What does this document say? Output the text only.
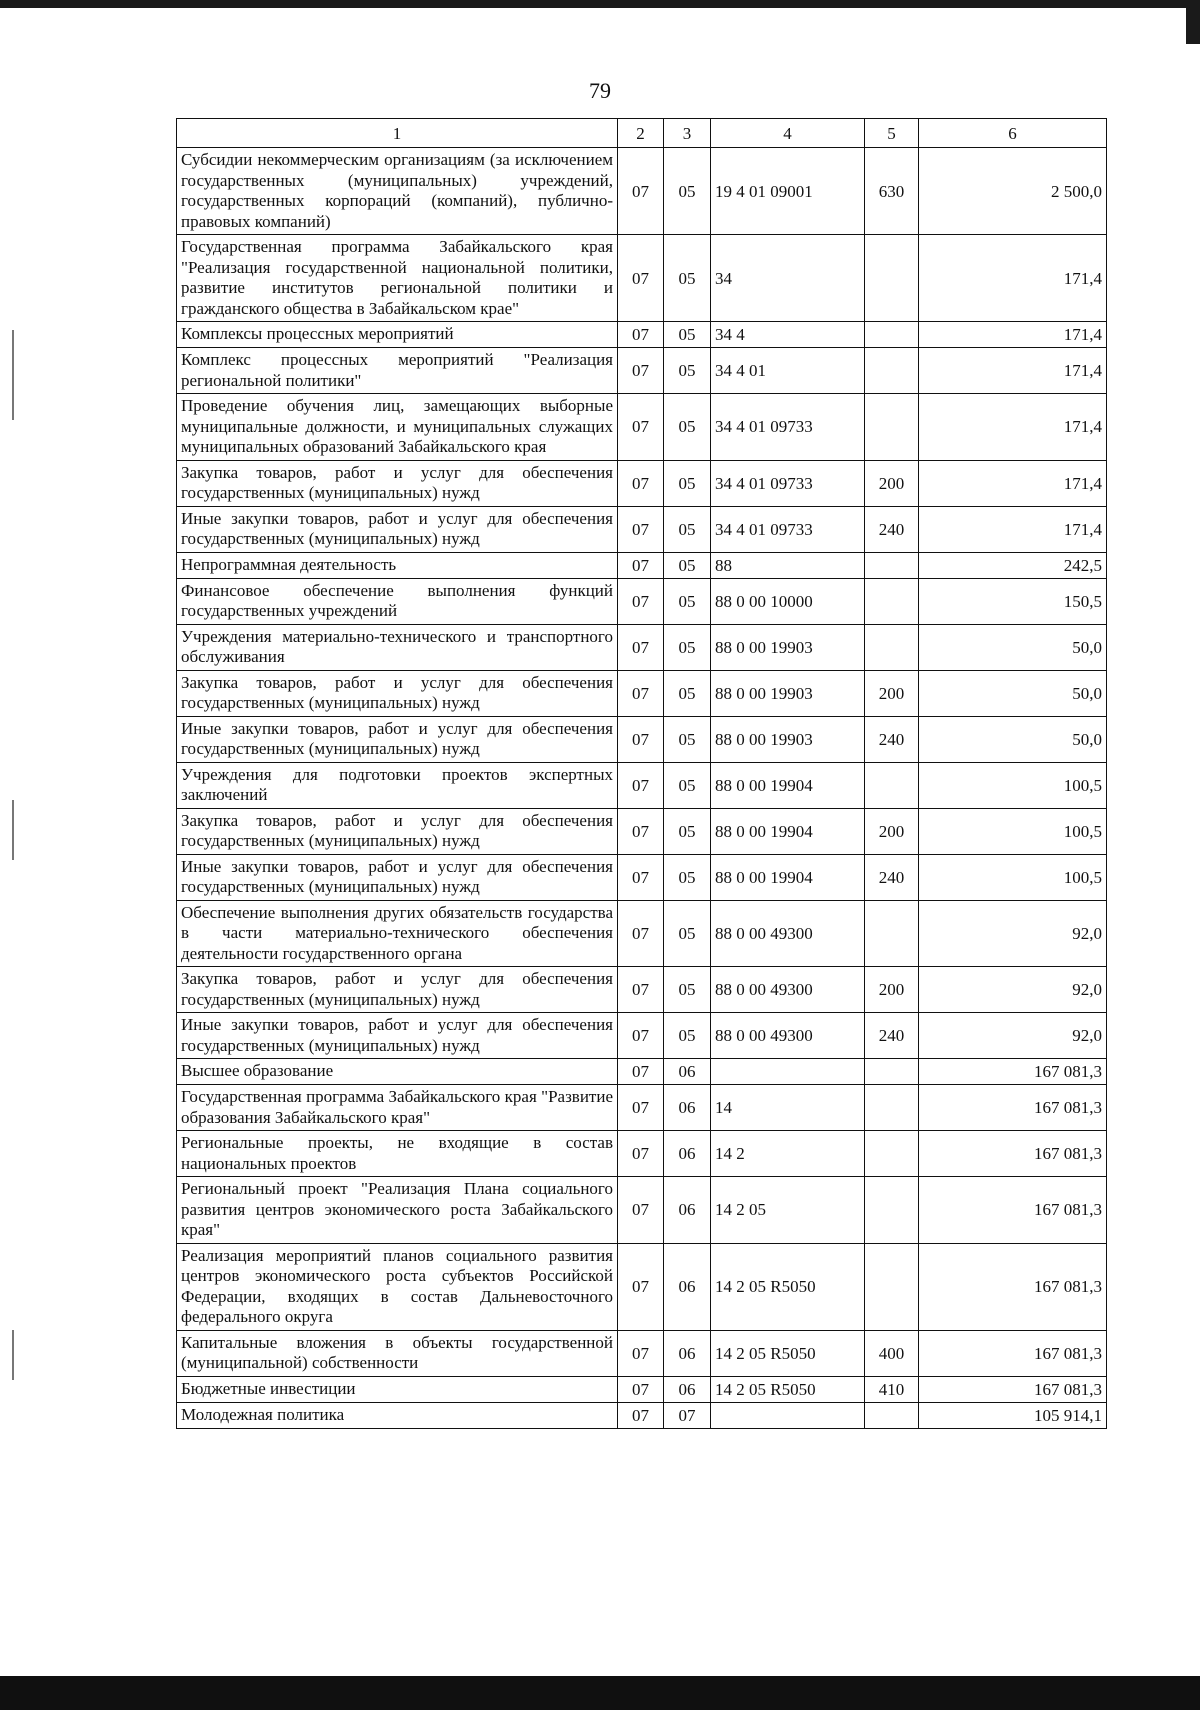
79
1	2	3	4	5	6
Субсидии некоммерческим организациям (за исключением государственных (муниципальных) учреждений, государственных корпораций (компаний), публично-правовых компаний)	07	05	19 4 01 09001	630	2 500,0
Государственная программа Забайкальского края "Реализация государственной национальной политики, развитие институтов региональной политики и гражданского общества в Забайкальском крае"	07	05	34		171,4
Комплексы процессных мероприятий	07	05	34 4		171,4
Комплекс процессных мероприятий "Реализация региональной политики"	07	05	34 4 01		171,4
Проведение обучения лиц, замещающих выборные муниципальные должности, и муниципальных служащих муниципальных образований Забайкальского края	07	05	34 4 01 09733		171,4
Закупка товаров, работ и услуг для обеспечения государственных (муниципальных) нужд	07	05	34 4 01 09733	200	171,4
Иные закупки товаров, работ и услуг для обеспечения государственных (муниципальных) нужд	07	05	34 4 01 09733	240	171,4
Непрограммная деятельность	07	05	88		242,5
Финансовое обеспечение выполнения функций государственных учреждений	07	05	88 0 00 10000		150,5
Учреждения материально-технического и транспортного обслуживания	07	05	88 0 00 19903		50,0
Закупка товаров, работ и услуг для обеспечения государственных (муниципальных) нужд	07	05	88 0 00 19903	200	50,0
Иные закупки товаров, работ и услуг для обеспечения государственных (муниципальных) нужд	07	05	88 0 00 19903	240	50,0
Учреждения для подготовки проектов экспертных заключений	07	05	88 0 00 19904		100,5
Закупка товаров, работ и услуг для обеспечения государственных (муниципальных) нужд	07	05	88 0 00 19904	200	100,5
Иные закупки товаров, работ и услуг для обеспечения государственных (муниципальных) нужд	07	05	88 0 00 19904	240	100,5
Обеспечение выполнения других обязательств государства в части материально-технического обеспечения деятельности государственного органа	07	05	88 0 00 49300		92,0
Закупка товаров, работ и услуг для обеспечения государственных (муниципальных) нужд	07	05	88 0 00 49300	200	92,0
Иные закупки товаров, работ и услуг для обеспечения государственных (муниципальных) нужд	07	05	88 0 00 49300	240	92,0
Высшее образование	07	06			167 081,3
Государственная программа Забайкальского края "Развитие образования Забайкальского края"	07	06	14		167 081,3
Региональные проекты, не входящие в состав национальных проектов	07	06	14 2		167 081,3
Региональный проект "Реализация Плана социального развития центров экономического роста Забайкальского края"	07	06	14 2 05		167 081,3
Реализация мероприятий планов социального развития центров экономического роста субъектов Российской Федерации, входящих в состав Дальневосточного федерального округа	07	06	14 2 05 R5050		167 081,3
Капитальные вложения в объекты государственной (муниципальной) собственности	07	06	14 2 05 R5050	400	167 081,3
Бюджетные инвестиции	07	06	14 2 05 R5050	410	167 081,3
Молодежная политика	07	07			105 914,1
